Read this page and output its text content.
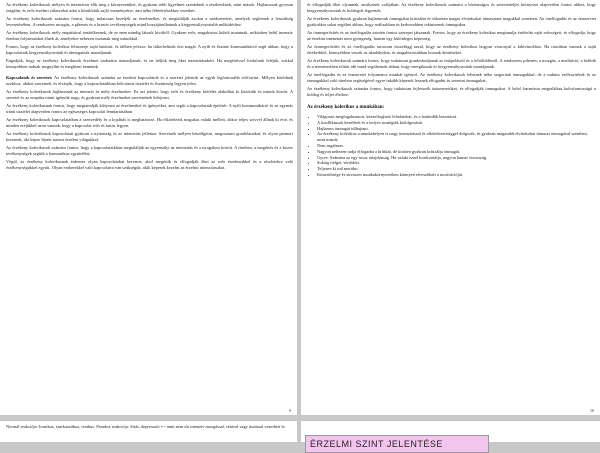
Az érzékeny kolerikusok mélyen és intenzíven élik meg a környezetüket, és gyakran több figyelmet szentelnek a részleteknek, mint mások. Hajlamosak gyorsan reagálni, és erős érzelmi válaszokat adni a körülöttük zajló eseményekre, ami néha félreértésekhez vezethet.

Az érzékeny kolerikusok számára fontos, hogy tudatosan kezeljék az érzelmeiket, és megtalálják azokat a módszereket, amelyek segítenek a feszültség levezetésében. A rendszeres mozgás, a pihenés és a kreatív tevékenységek mind hozzájárulhatnak a kiegyensúlyozottabb működéshez.

Az érzékeny kolerikusok mély empátiával rendelkeznek, de ez nem mindig látszik kívülről. Gyakran erős, magabiztos külsőt mutatnak, miközben belül intenzív érzelmi folyamatokat élnek át, amelyeket nehezen osztanak meg másokkal.

Fontos, hogy az érzékeny kolerikus felismerje saját határait, és időben jelezze, ha túlterheltnek érzi magát. A nyílt és őszinte kommunikáció segít abban, hogy a kapcsolataik kiegyensúlyozottak és támogatóak maradjanak.

Engedjük, hogy az érzékeny kolerikusok érzelmei szabadon áramoljanak, és ne ítéljük meg őket intenzitásukért. Ha megértéssel fordulunk feléjük, sokkal könnyebben tudnak megnyílni és megbízni bennünk.

Kapcsolatok és szeretet: Az érzékeny kolerikusok számára az érzelmi kapcsolatok és a szeretet jelentik az egyik legfontosabb erőforrást. Mélyen kötődnek azokhoz, akiket szeretnek, és elvárják, hogy a kapcsolataikban kölcsönös tisztelet és őszinteség legyen jelen.

Az érzékeny kolerikusok hajlamosak az intenzív és mély érzelmekre. Ez azt jelenti, hogy erős és érzékeny kötődés alakulhat ki közöttük és mások között. A szeretet és az empátia iránti igényük nagy, és gyakran mély érzelmeket szeretnének kifejezni.

Az érzékeny kolerikusnak fontos, hogy megtanulják kifejezni az érzelmeiket és igényeiket, ami segíti a kapcsolataik építését. A nyílt kommunikáció és az egymás iránti tisztelet alapvetően fontos az egészséges kapcsolat fenntartásában.

Az érzékeny kolerikusok kapcsolataiban a szenvedély és a lojalitás is meghatározó. Ha elkötelezik magukat valaki mellett, akkor teljes szívvel állnak ki érte, és minden erejükkel azon vannak, hogy a kapcsolat erős és tartós legyen.

Az érzékeny kolerikusok kapcsolatait gyakran a nyitottság és az intenzitás jellemzi. Szeretnek mélyen beszélgetni, megosztani gondolataikat, és olyan partnert keresnek, aki képes lépést tartani érzelmi világukkal.

Az érzékeny kolerikusok számára fontos, hogy a kapcsolataikban megtalálják az egyensúlyt az intenzitás és a nyugalom között. A türelem, a megértés és a közös tevékenységek segítik a harmonikus együttélést.

Végül, az érzékeny kolerikusnak érdemes olyan kapcsolatokat keresnie, ahol megértik és elfogadják őket az erős érzelmeikkel és a részletekre való érzékenységükkel együtt. Olyan emberekkel való kapcsolatra van szükségük, akik képesek kezelni az érzelmi intenzitásukat.

9

és elfogadják őket olyannak, amilyenek valójában. Az érzékeny kolerikusok számára a biztonságos és szeretetteljes környezet alapvetően fontos ahhoz, hogy kiegyensúlyozottak és boldogok legyenek.

Az érzékeny kolerikusok gyakran hajlamosak önmagukat kritizálni és túlzottan magas elvárásokat támasztani magukkal szemben. Az önelfogadás és az önszeretet gyakorlása sokat segíthet abban, hogy reálisabban és kedvesebben tekintsenek önmagukra.

Az önmegerősítés és az önelfogadás szintén fontos szerepet játszanak. Fontos, hogy az érzékeny kolerikus megtanulja értékelni saját erősségeit, és elfogadja, hogy az érzelmi intenzitás nem gyengeség, hanem egy különleges képesség.

Az önmegerősítés és az önelfogadás szorosan összefügg azzal, hogy az érzékeny kolerikus hogyan viszonyul a kihívásokhoz. Ha tisztában vannak a saját értékeikkel, könnyebben veszik az akadályokat, és magabiztosabban hoznak döntéseket.

Az érzékeny kolerikusok számára fontos, hogy tudatosan gondoskodjanak az önápolásról és a feltöltődésről. A rendszeres pihenés, a mozgás, a meditáció, a hobbik és a természetben töltött idő mind segíthetnek abban, hogy energikusak és kiegyensúlyozottak maradjanak.

Az önelfogadás és az önszeretet folyamatos munkát igényel. Az érzékeny kolerikusok lehetnek néha szigorúak önmagukkal, de a tudatos erőfeszítések és az önmagukkal való türelem segítségével egyre inkább képesek lesznek elfogadni és szeretni önmagukat.

Az érzékeny kolerikusok számára fontos, hogy tudatosan fejlesszék önismeretüket, és elfogadják önmagukat. A belső harmónia megtalálása kulcsfontosságú a boldog és teljes élethez.

Az érzékeny kolerikus a munkában:
• Világosan megfogalmazott, kézzelfogható feladatokat, és a határidők betartását.
• A konfliktusok kezelését és a helyes stratégiák kidolgozását.
• Hajlamos önmagát túlhajtani.
• Az érzékeny kolerikus a munkahelyen is nagy intenzitással és elkötelezettséggel dolgozik, és gyakran magasabb elvárásokat támaszt önmagával szemben, mint mások.
• Nem rugalmas.
• Nagyon nehezen tudja elfogadni a kritikát, de közben gyakran kritizálja önmagát.
• Gyors. Számára az egy rossz tulajdonság. Ha valaki ezzel konfrontálja, nagyon hamar visszavág.
• Sokáig ítélget, sértődött.
• Teljesen ki tud merülni.
• Kimerültsége és stresszes munkakörnyezetben könnyen elveszítheti a motivációját.
10

Normál reakciója: Ironikus, szarkasztikus, cinikus. Paradox reakciója: Sírás, depresszió => amit nem tűr intenzív mozgással, sétával vagy úszással vezetheti le.

ÉRZELMI SZINT JELENTÉSE
